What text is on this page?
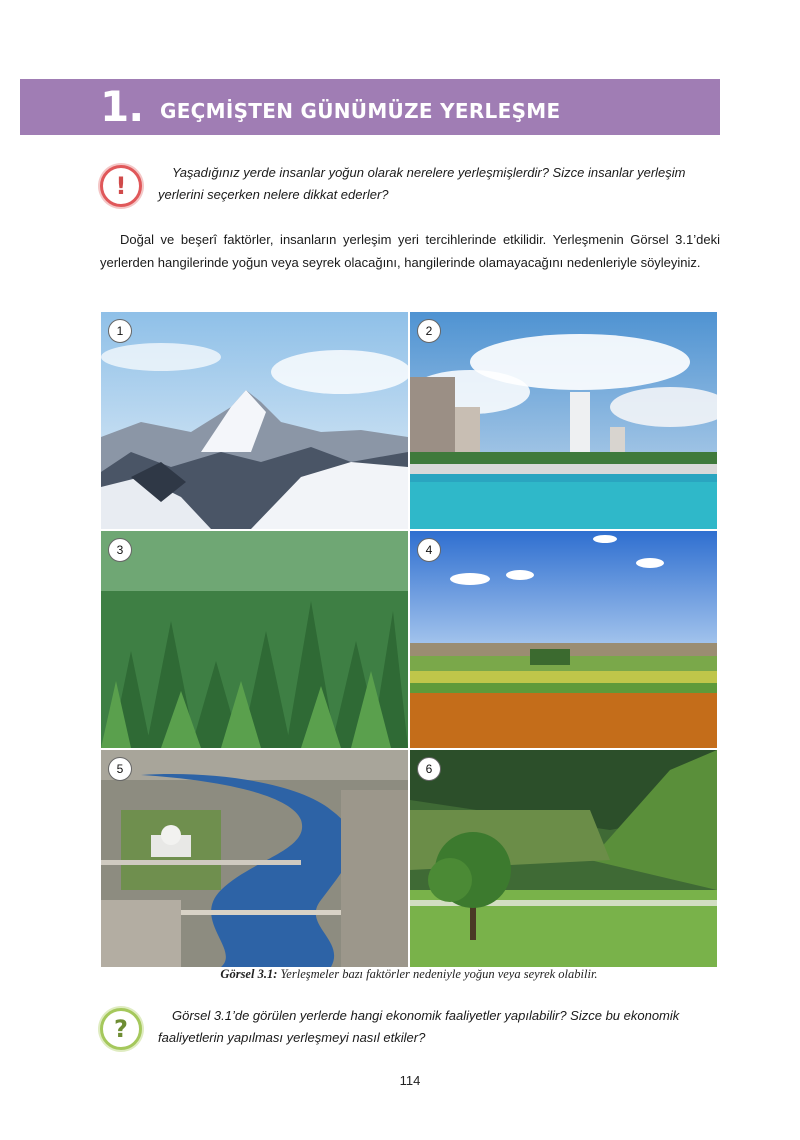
1. GEÇMİŞTEN GÜNÜMÜZE YERLEŞME
!	Yaşadığınız yerde insanlar yoğun olarak nerelere yerleşmişlerdir? Sizce insanlar yerleşim

yerlerini seçerken nelere dikkat ederler?

Doğal ve beşerî faktörler, insanların yerleşim yeri tercihlerinde etkilidir. Yerleşmenin Görsel 3.1’deki yerlerden hangilerinde yoğun veya seyrek olacağını, hangilerinde olamayacağını nedenleriyle söyleyiniz.

1	2
3	4
5	6
Görsel 3.1: Yerleşmeler bazı faktörler nedeniyle yoğun veya seyrek olabilir.
?	Görsel 3.1’de görülen yerlerde hangi ekonomik faaliyetler yapılabilir? Sizce bu ekonomik

faaliyetlerin yapılması yerleşmeyi nasıl etkiler?

114
